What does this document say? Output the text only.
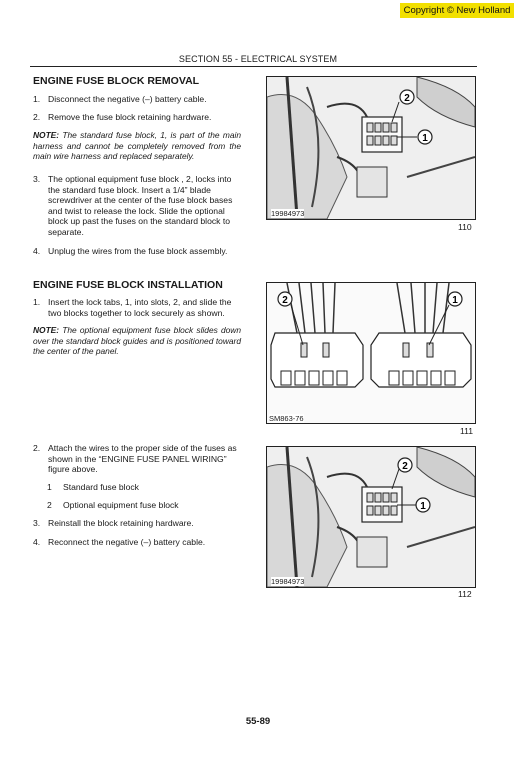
Copyright © New Holland
SECTION 55 - ELECTRICAL SYSTEM
ENGINE FUSE BLOCK REMOVAL
1. Disconnect the negative (–) battery cable.
2. Remove the fuse block retaining hardware.
NOTE: The standard fuse block, 1, is part of the main harness and cannot be completely removed from the main wire harness and replaced separately.
3. The optional equipment fuse block , 2, locks into the standard fuse block. Insert a 1/4” blade screwdriver at the center of the fuse block bases and twist to release the lock. Slide the optional block up past the fuses on the standard block to separate.
4. Unplug the wires from the fuse block assembly.
2
1
19984973
110
ENGINE FUSE BLOCK INSTALLATION
1. Insert the lock tabs, 1, into slots, 2, and slide the two blocks together to lock securely as shown.
NOTE: The optional equipment fuse block slides down over the standard block guides and is positioned toward the center of the panel.
2	1
SM863-76
111
2. Attach the wires to the proper side of the fuses as shown in the “ENGINE FUSE PANEL WIRING” figure above.
1 Standard fuse block
2 Optional equipment fuse block
3. Reinstall the block retaining hardware.
4. Reconnect the negative (–) battery cable.
2
1
19984973
112
55-89
